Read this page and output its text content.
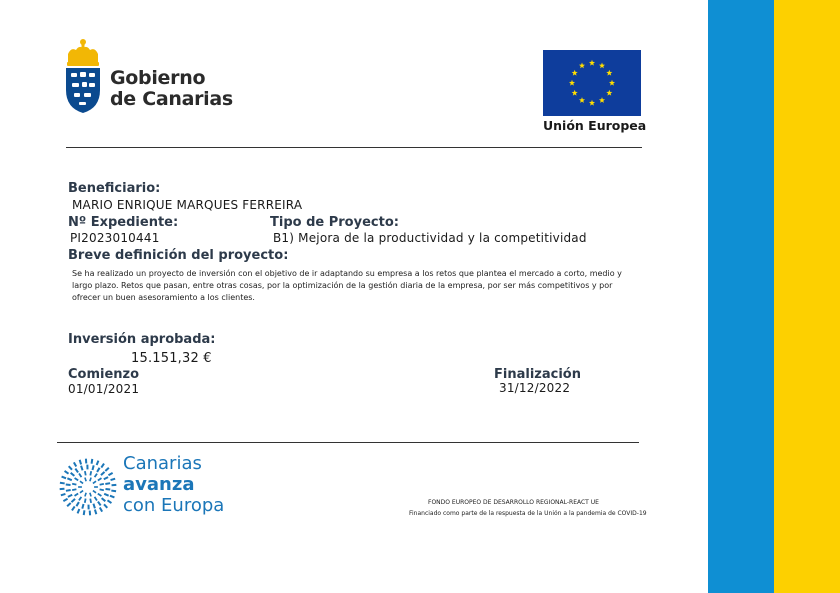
Gobierno
de Canarias
Unión Europea
Beneficiario:
MARIO ENRIQUE MARQUES FERREIRA
Nº Expediente:
PI2023010441
Tipo de Proyecto:
B1) Mejora de la productividad y la competitividad
Breve definición del proyecto:
Se ha realizado un proyecto de inversión con el objetivo de ir adaptando su empresa a los retos que plantea el mercado a corto, medio y largo plazo. Retos que pasan, entre otras cosas, por la optimización de la gestión diaria de la empresa, por ser más competitivos y por ofrecer un buen asesoramiento a los clientes.
Inversión aprobada:
15.151,32 €
Comienzo
01/01/2021
Finalización
31/12/2022
Canarias
avanza
con Europa	FONDO EUROPEO DE DESARROLLO REGIONAL-REACT UE
Financiado como parte de la respuesta de la Unión a la pandemia de COVID-19
